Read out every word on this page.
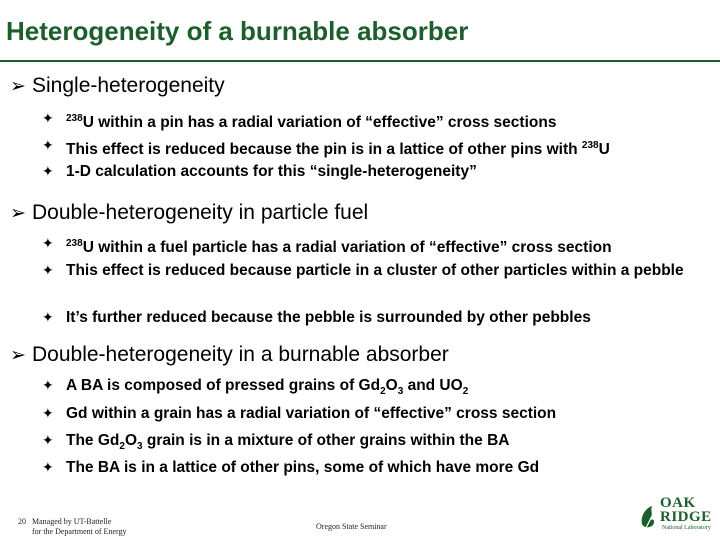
Heterogeneity of a burnable absorber
➢ Single-heterogeneity
✦ $^{238}$U within a pin has a radial variation of “effective” cross sections
✦ This effect is reduced because the pin is in a lattice of other pins with $^{238}$U
✦ 1-D calculation accounts for this “single-heterogeneity”
➢ Double-heterogeneity in particle fuel
✦ $^{238}$U within a fuel particle has a radial variation of “effective” cross section
✦ This effect is reduced because particle in a cluster of other particles within a pebble
✦ It’s further reduced because the pebble is surrounded by other pebbles
➢ Double-heterogeneity in a burnable absorber
✦ A BA is composed of pressed grains of $Gd_2O_3$ and $UO_2$
✦ Gd within a grain has a radial variation of “effective” cross section
✦ The $Gd_2O_3$ grain is in a mixture of other grains within the BA
✦ The BA is in a lattice of other pins, some of which have more Gd
20 Managed by UT-Battelle
for the Department of Energy
Oregon State Seminar
OAK
RIDGE
National Laboratory
